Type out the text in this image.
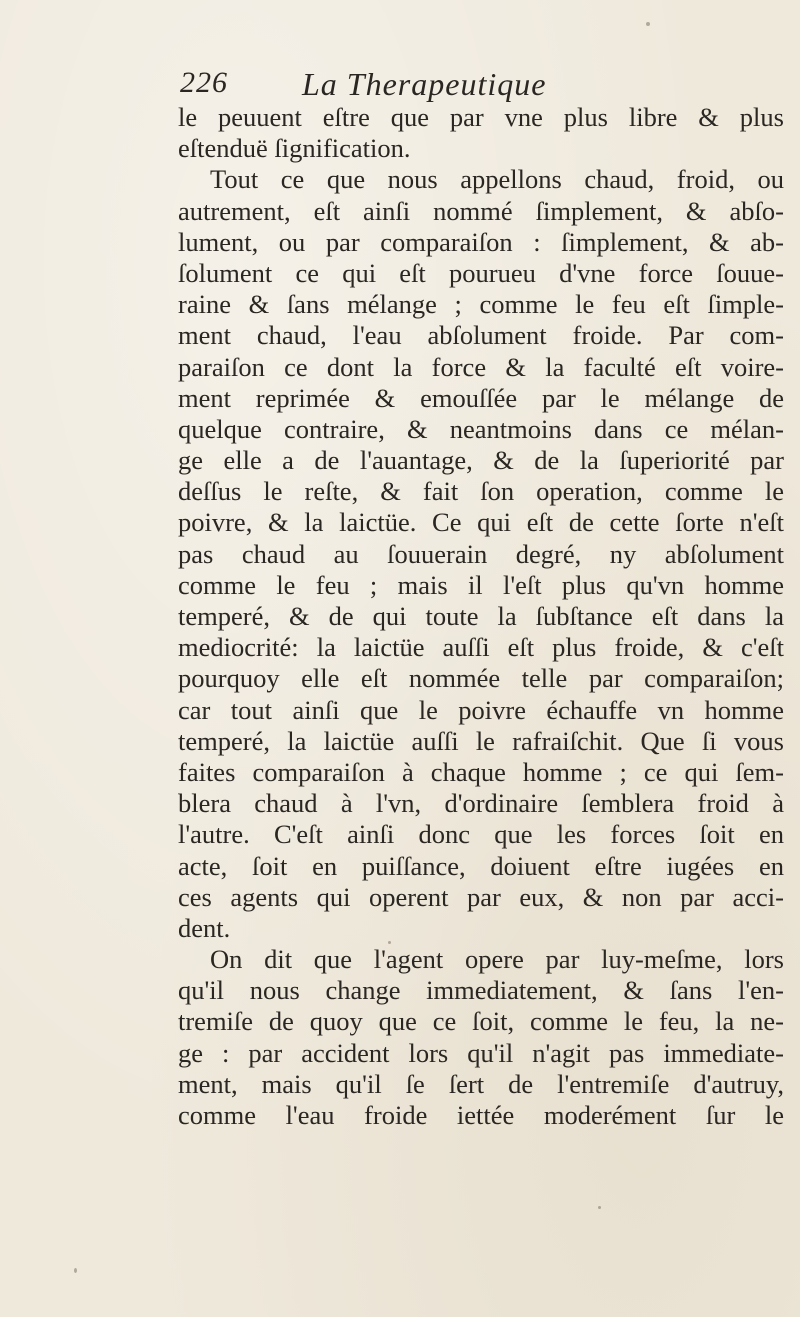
226 La Therapeutique
le peuuent eſtre que par vne plus libre & plus
eſtenduë ſignification.
Tout ce que nous appellons chaud, froid, ou
autrement, eſt ainſi nommé ſimplement, & abſo-
lument, ou par comparaiſon : ſimplement, & ab-
ſolument ce qui eſt pourueu d'vne force ſouue-
raine & ſans mélange ; comme le feu eſt ſimple-
ment chaud, l'eau abſolument froide. Par com-
paraiſon ce dont la force & la faculté eſt voire-
ment reprimée & emouſſée par le mélange de
quelque contraire, & neantmoins dans ce mélan-
ge elle a de l'auantage, & de la ſuperiorité par
deſſus le reſte, & fait ſon operation, comme le
poivre, & la laictüe. Ce qui eſt de cette ſorte n'eſt
pas chaud au ſouuerain degré, ny abſolument
comme le feu ; mais il l'eſt plus qu'vn homme
temperé, & de qui toute la ſubſtance eſt dans la
mediocrité: la laictüe auſſi eſt plus froide, & c'eſt
pourquoy elle eſt nommée telle par comparaiſon;
car tout ainſi que le poivre échauffe vn homme
temperé, la laictüe auſſi le rafraiſchit. Que ſi vous
faites comparaiſon à chaque homme ; ce qui ſem-
blera chaud à l'vn, d'ordinaire ſemblera froid à
l'autre. C'eſt ainſi donc que les forces ſoit en
acte, ſoit en puiſſance, doiuent eſtre iugées en
ces agents qui operent par eux, & non par acci-
dent.
On dit que l'agent opere par luy-meſme, lors
qu'il nous change immediatement, & ſans l'en-
tremiſe de quoy que ce ſoit, comme le feu, la ne-
ge : par accident lors qu'il n'agit pas immediate-
ment, mais qu'il ſe ſert de l'entremiſe d'autruy,
comme l'eau froide iettée moderément ſur le
